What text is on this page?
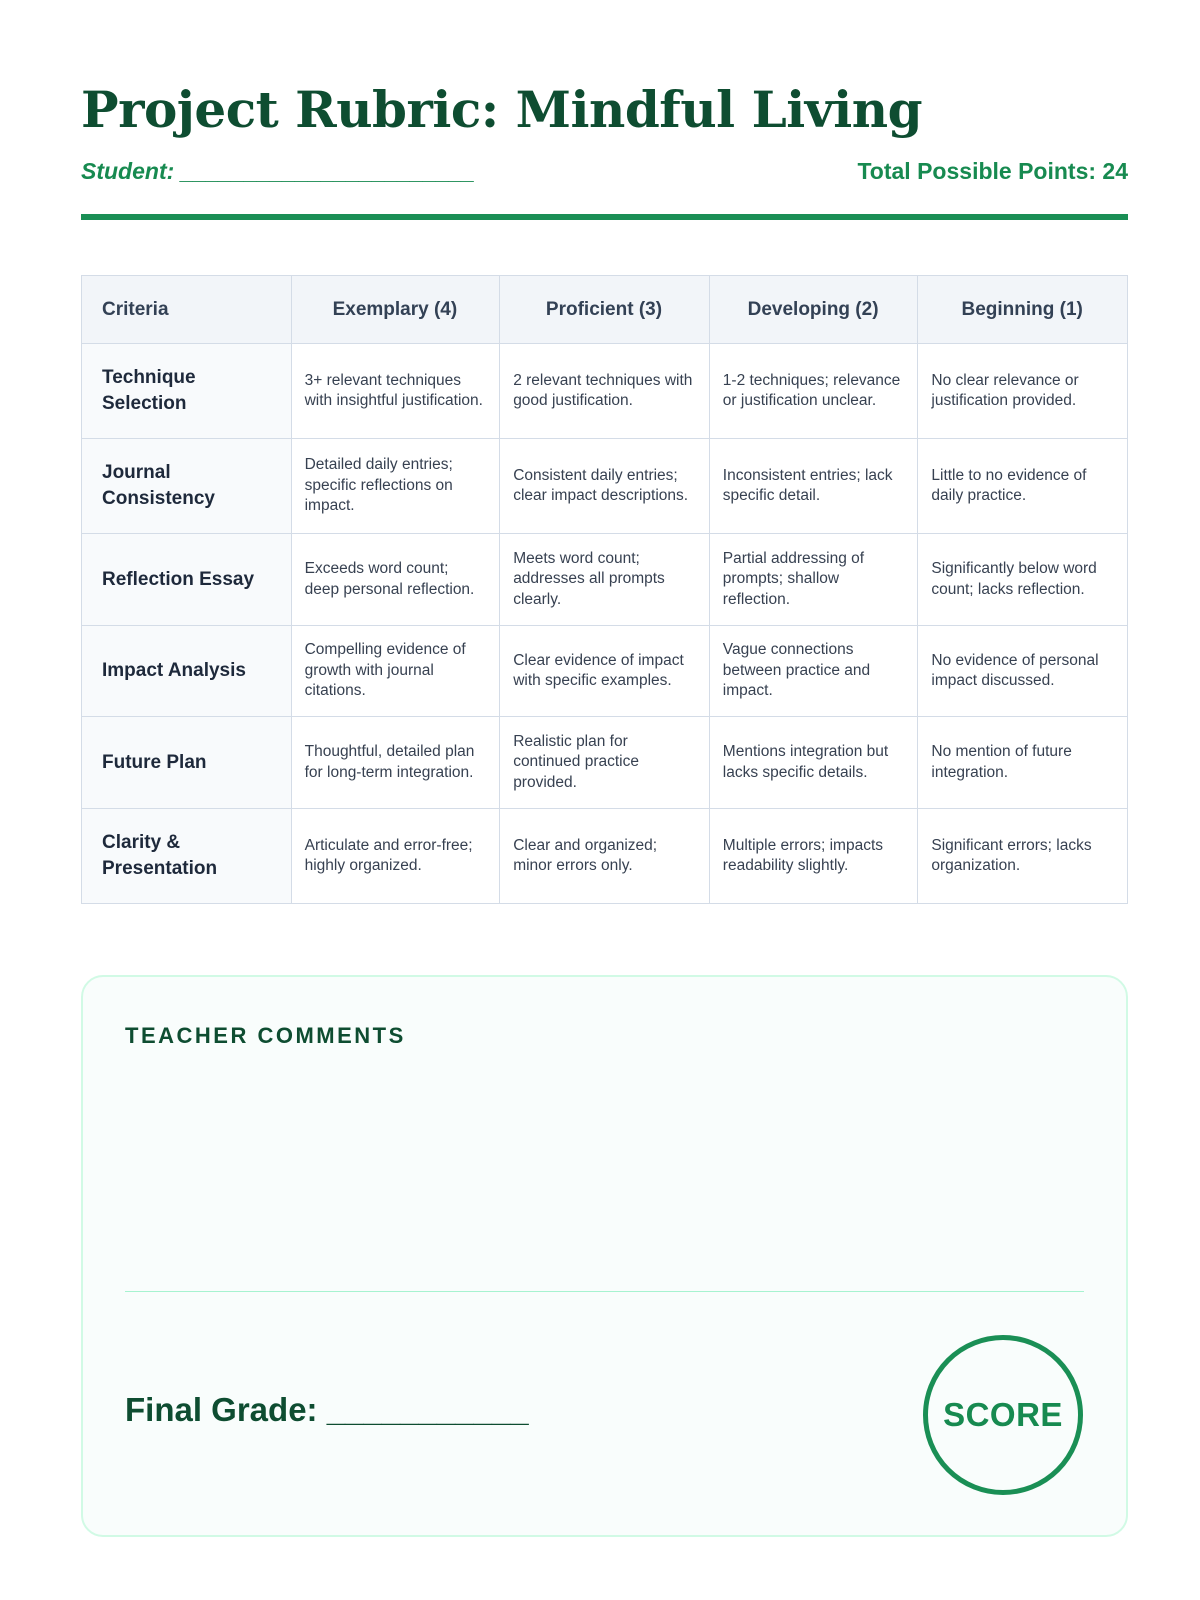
Project Rubric: Mindful Living
Student: _______________________	Total Possible Points: 24
Criteria	Exemplary (4)	Proficient (3)	Developing (2)	Beginning (1)
Technique Selection	3+ relevant techniques with insightful justification.	2 relevant techniques with good justification.	1-2 techniques; relevance or justification unclear.	No clear relevance or justification provided.
Journal Consistency	Detailed daily entries; specific reflections on impact.	Consistent daily entries; clear impact descriptions.	Inconsistent entries; lack specific detail.	Little to no evidence of daily practice.
Reflection Essay	Exceeds word count; deep personal reflection.	Meets word count; addresses all prompts clearly.	Partial addressing of prompts; shallow reflection.	Significantly below word count; lacks reflection.
Impact Analysis	Compelling evidence of growth with journal citations.	Clear evidence of impact with specific examples.	Vague connections between practice and impact.	No evidence of personal impact discussed.
Future Plan	Thoughtful, detailed plan for long-term integration.	Realistic plan for continued practice provided.	Mentions integration but lacks specific details.	No mention of future integration.
Clarity & Presentation	Articulate and error-free; highly organized.	Clear and organized; minor errors only.	Multiple errors; impacts readability slightly.	Significant errors; lacks organization.
TEACHER COMMENTS
Final Grade: ___________	SCORE
